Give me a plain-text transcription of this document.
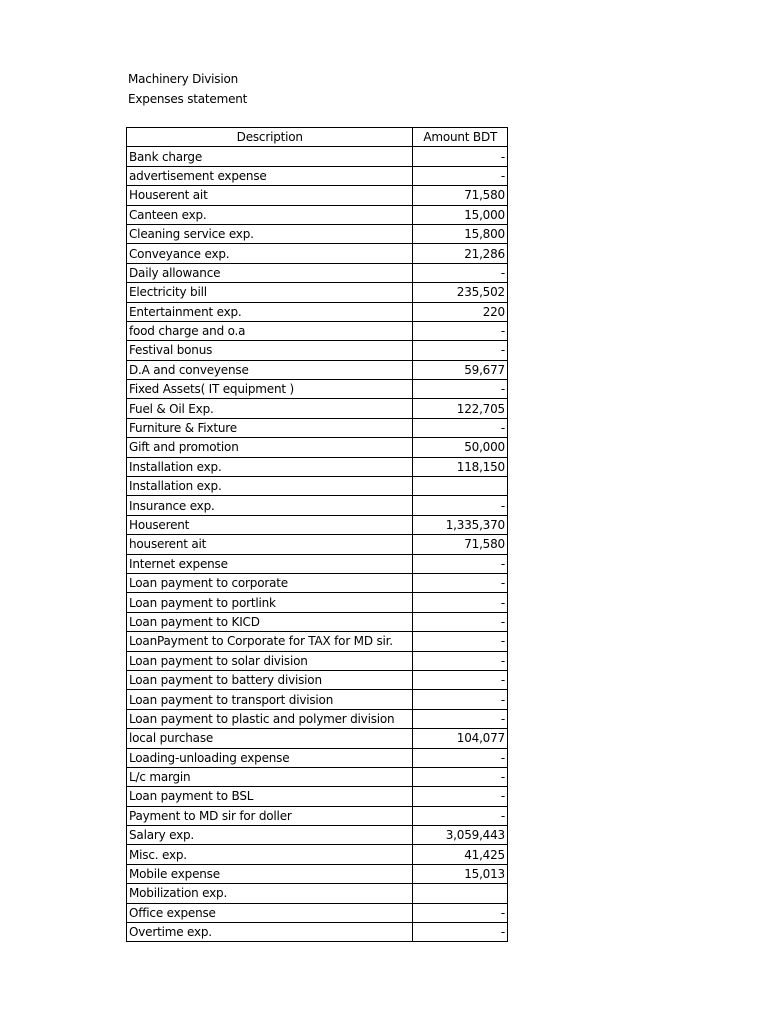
Machinery Division
Expenses statement
Description	Amount BDT
Bank charge	-
advertisement expense	-
Houserent ait	71,580
Canteen exp.	15,000
Cleaning service exp.	15,800
Conveyance exp.	21,286
Daily allowance	-
Electricity bill	235,502
Entertainment exp.	220
food charge and o.a	-
Festival bonus	-
D.A and conveyense	59,677
Fixed Assets( IT equipment )	-
Fuel & Oil Exp.	122,705
Furniture & Fixture	-
Gift and promotion	50,000
Installation exp.	118,150
Installation exp.	
Insurance exp.	-
Houserent	1,335,370
houserent ait	71,580
Internet expense	-
Loan payment to corporate	-
Loan payment to portlink	-
Loan payment to KICD	-
LoanPayment to Corporate for TAX for MD sir.	-
Loan payment to solar division	-
Loan payment to battery division	-
Loan payment to transport division	-
Loan payment to plastic and polymer division	-
local purchase	104,077
Loading-unloading expense	-
L/c margin	-
Loan payment to BSL	-
Payment to MD sir for doller	-
Salary exp.	3,059,443
Misc. exp.	41,425
Mobile expense	15,013
Mobilization exp.	
Office expense	-
Overtime exp.	-
